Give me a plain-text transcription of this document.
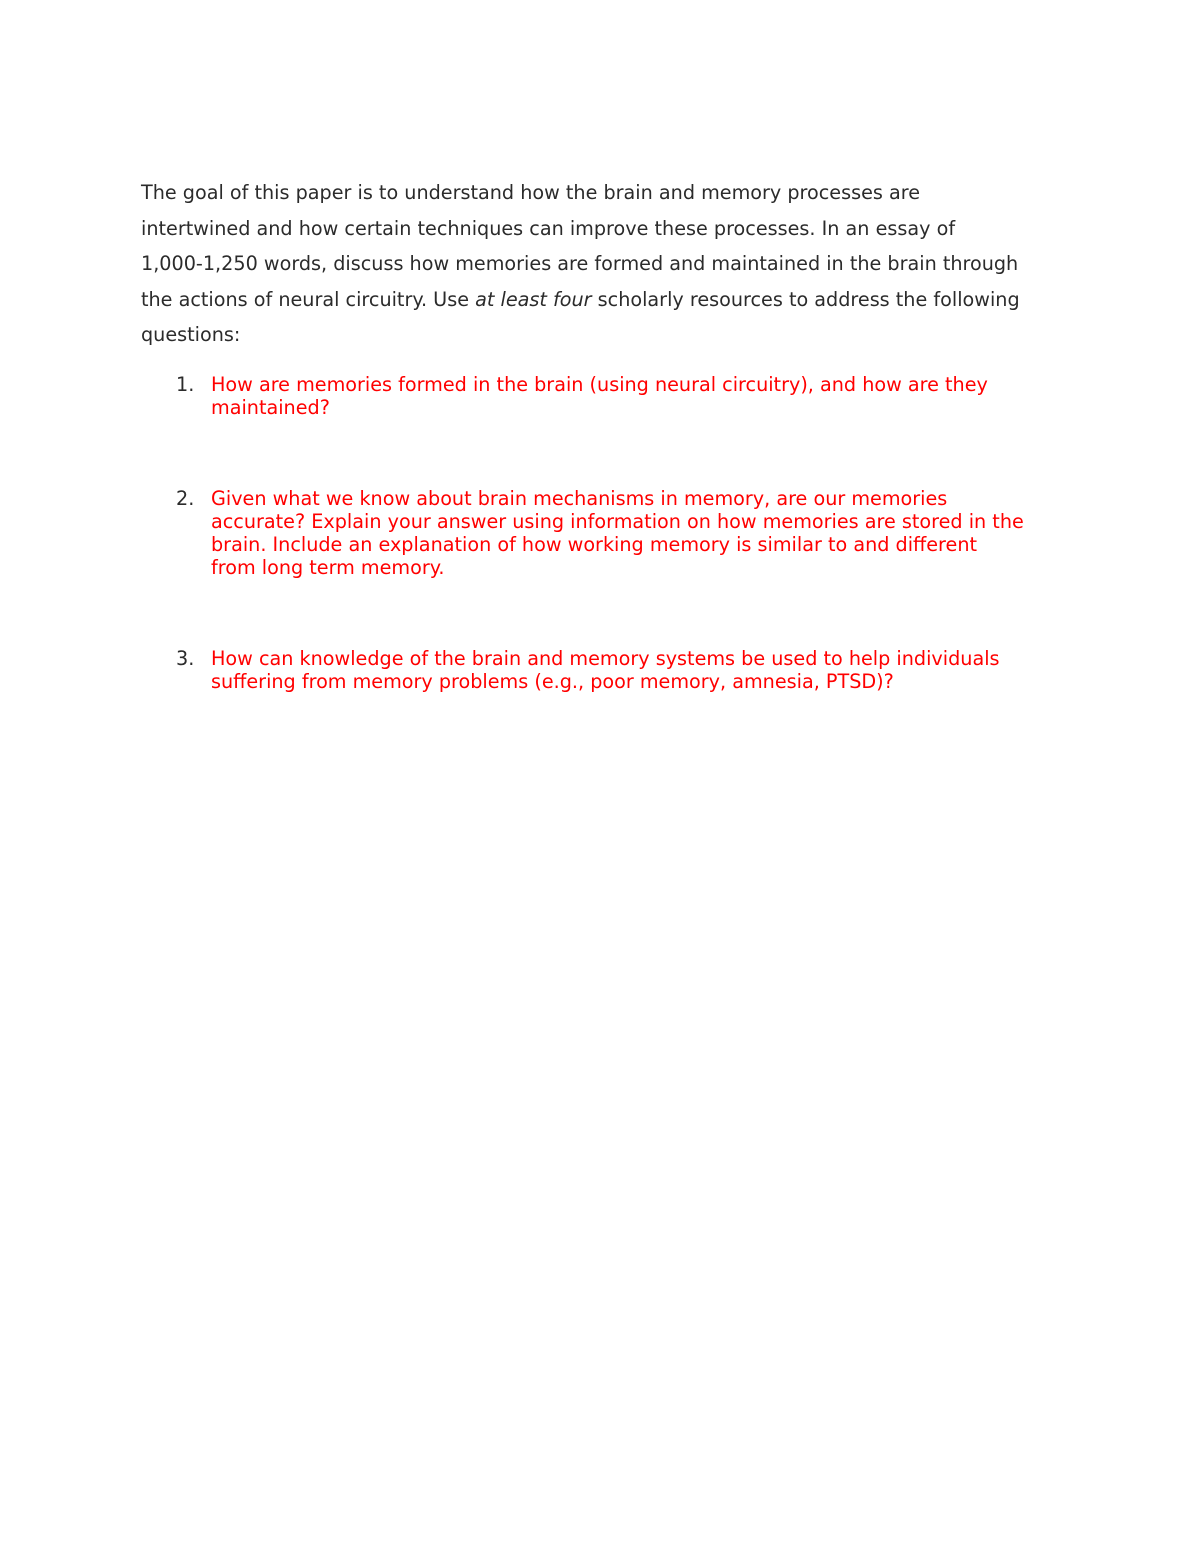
The goal of this paper is to understand how the brain and memory processes are
intertwined and how certain techniques can improve these processes. In an essay of
1,000-1,250 words, discuss how memories are formed and maintained in the brain through
the actions of neural circuitry. Use at least four scholarly resources to address the following
questions:

1. How are memories formed in the brain (using neural circuitry), and how are they
maintained?
2. Given what we know about brain mechanisms in memory, are our memories
accurate? Explain your answer using information on how memories are stored in the
brain. Include an explanation of how working memory is similar to and different
from long term memory.
3. How can knowledge of the brain and memory systems be used to help individuals
suffering from memory problems (e.g., poor memory, amnesia, PTSD)?
